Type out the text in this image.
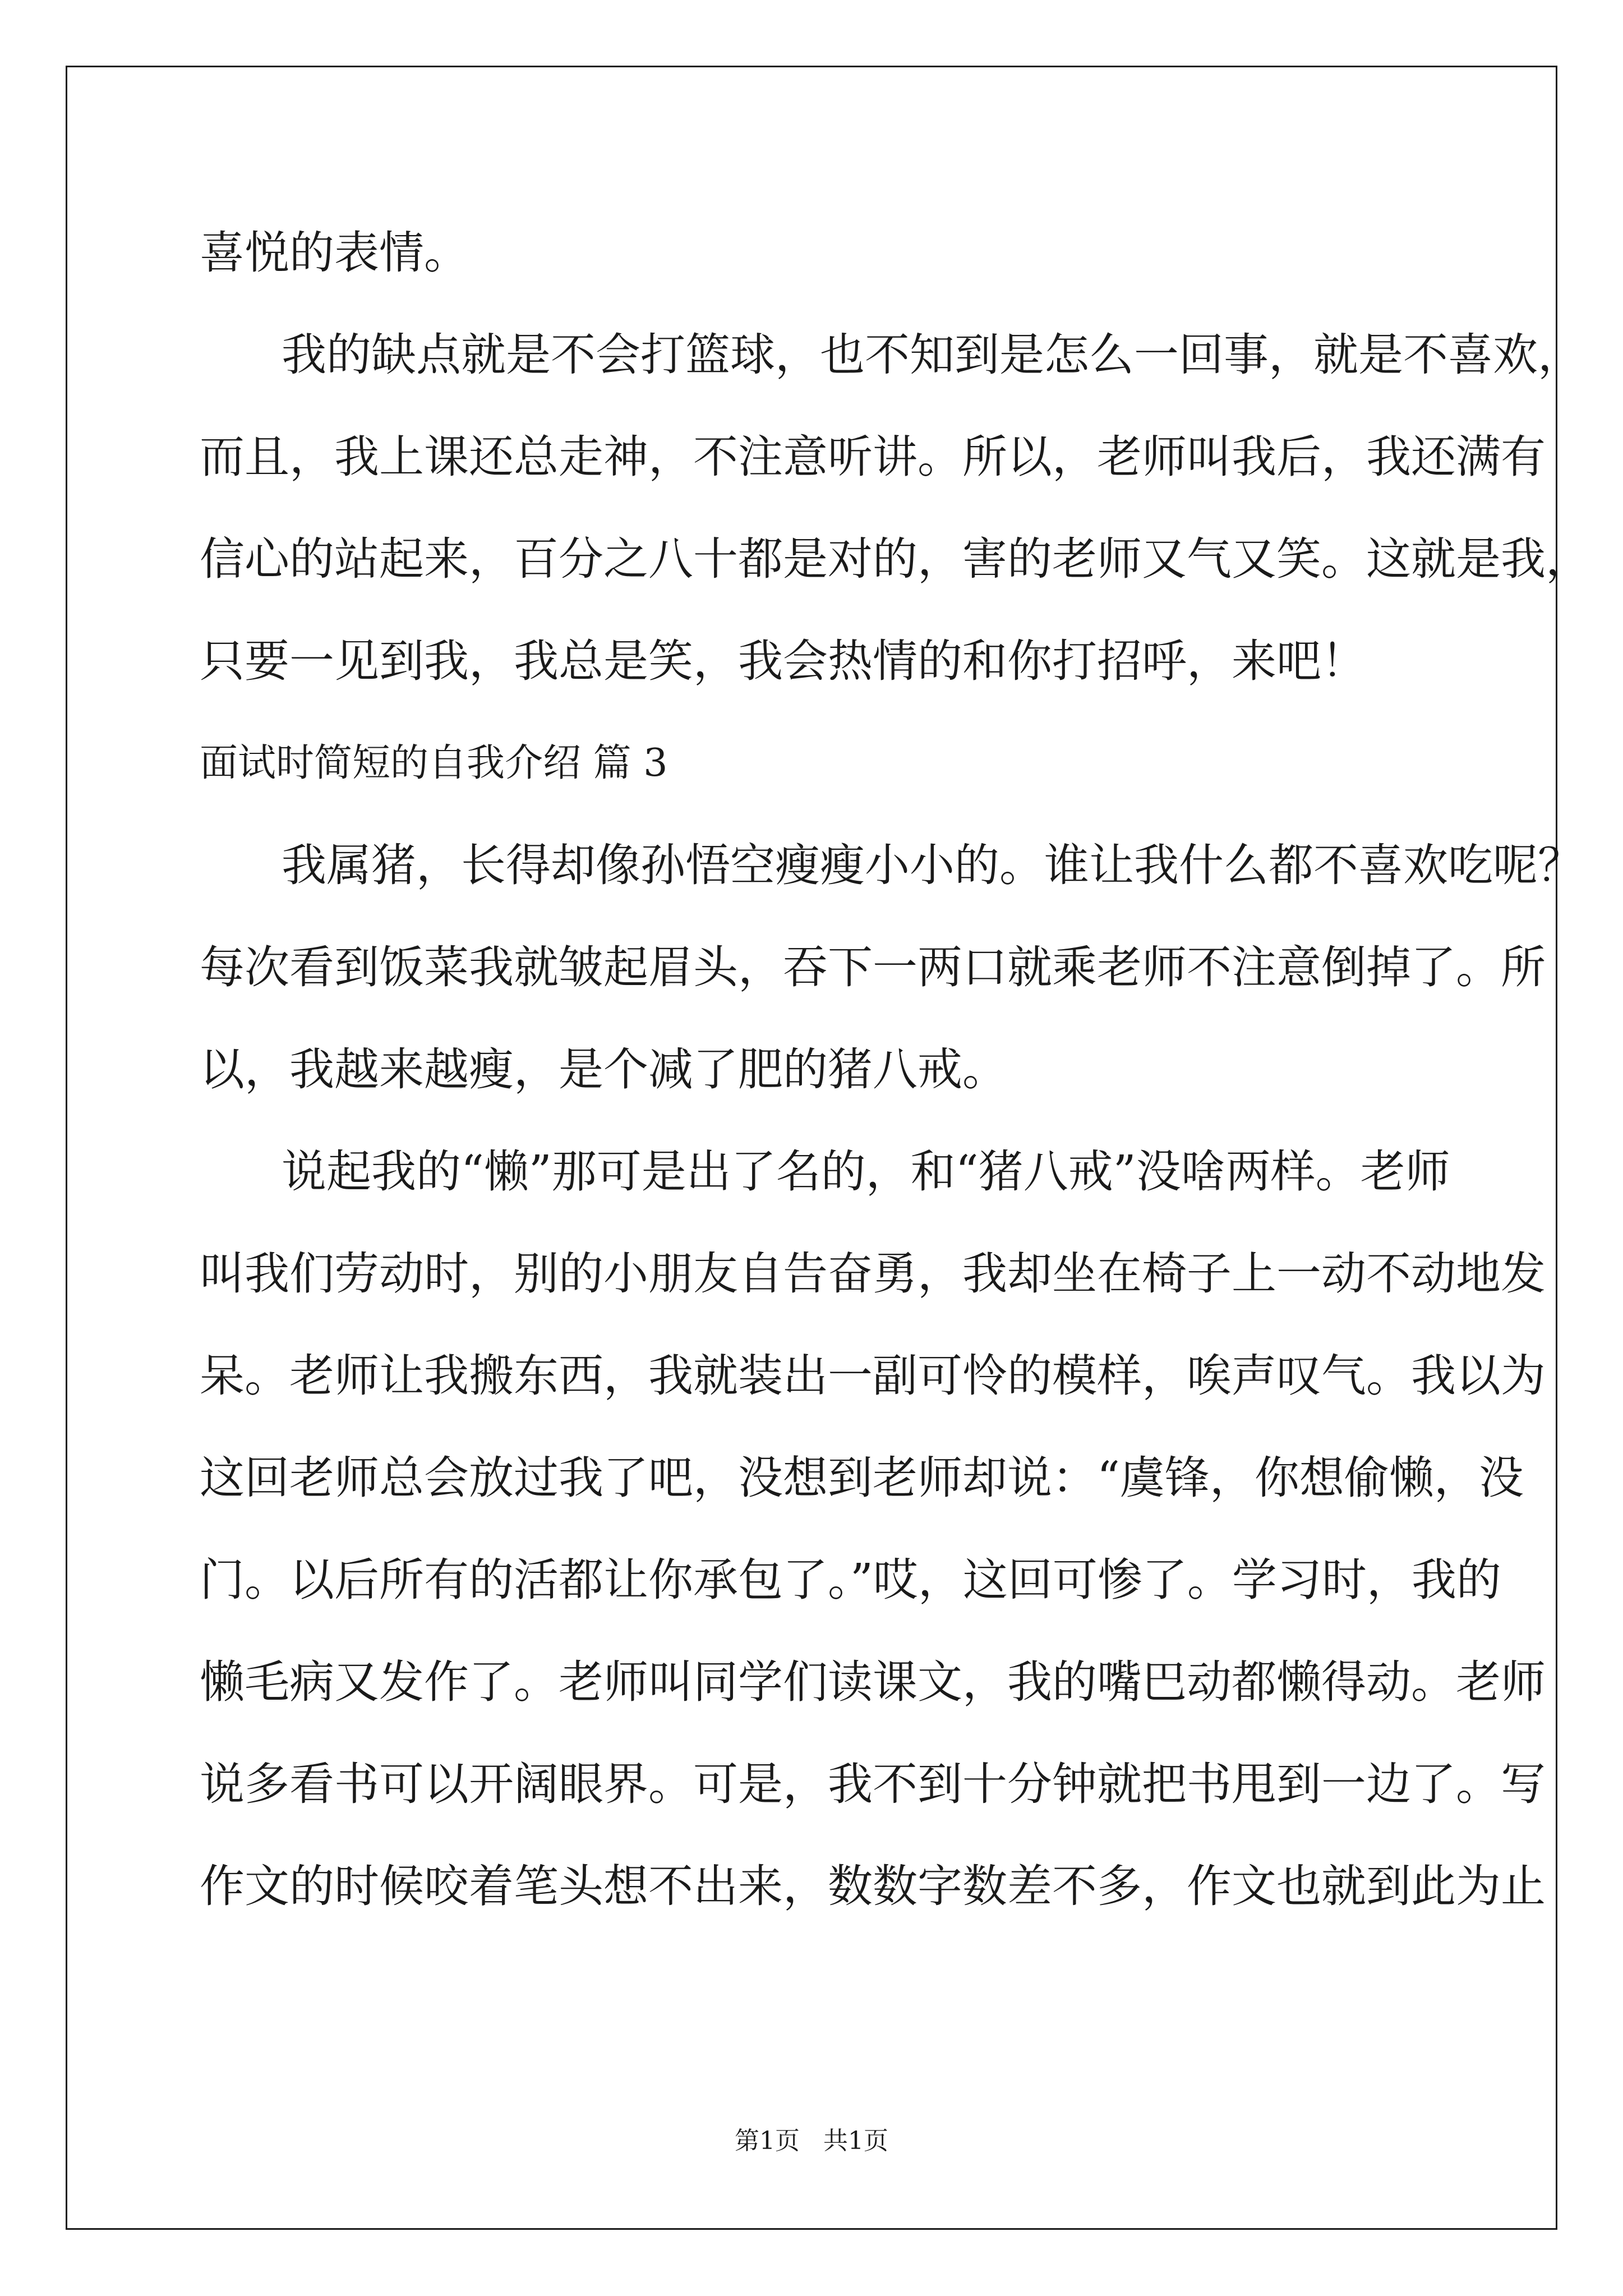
喜悦的表情。
我的缺点就是不会打篮球，也不知到是怎么一回事，就是不喜欢，
而且，我上课还总走神，不注意听讲。所以，老师叫我后，我还满有
信心的站起来，百分之八十都是对的，害的老师又气又笑。这就是我，
只要一见到我，我总是笑，我会热情的和你打招呼，来吧！
面试时简短的自我介绍 篇 3
我属猪，长得却像孙悟空瘦瘦小小的。谁让我什么都不喜欢吃呢？
每次看到饭菜我就皱起眉头，吞下一两口就乘老师不注意倒掉了。所
以，我越来越瘦，是个减了肥的猪八戒。
说起我的“懒”那可是出了名的，和“猪八戒”没啥两样。老师
叫我们劳动时，别的小朋友自告奋勇，我却坐在椅子上一动不动地发
呆。老师让我搬东西，我就装出一副可怜的模样，唉声叹气。我以为
这回老师总会放过我了吧，没想到老师却说：“虞锋，你想偷懒，没
门。以后所有的活都让你承包了。”哎，这回可惨了。学习时，我的
懒毛病又发作了。老师叫同学们读课文，我的嘴巴动都懒得动。老师
说多看书可以开阔眼界。可是，我不到十分钟就把书甩到一边了。写
作文的时候咬着笔头想不出来，数数字数差不多，作文也就到此为止
第1页   共1页
